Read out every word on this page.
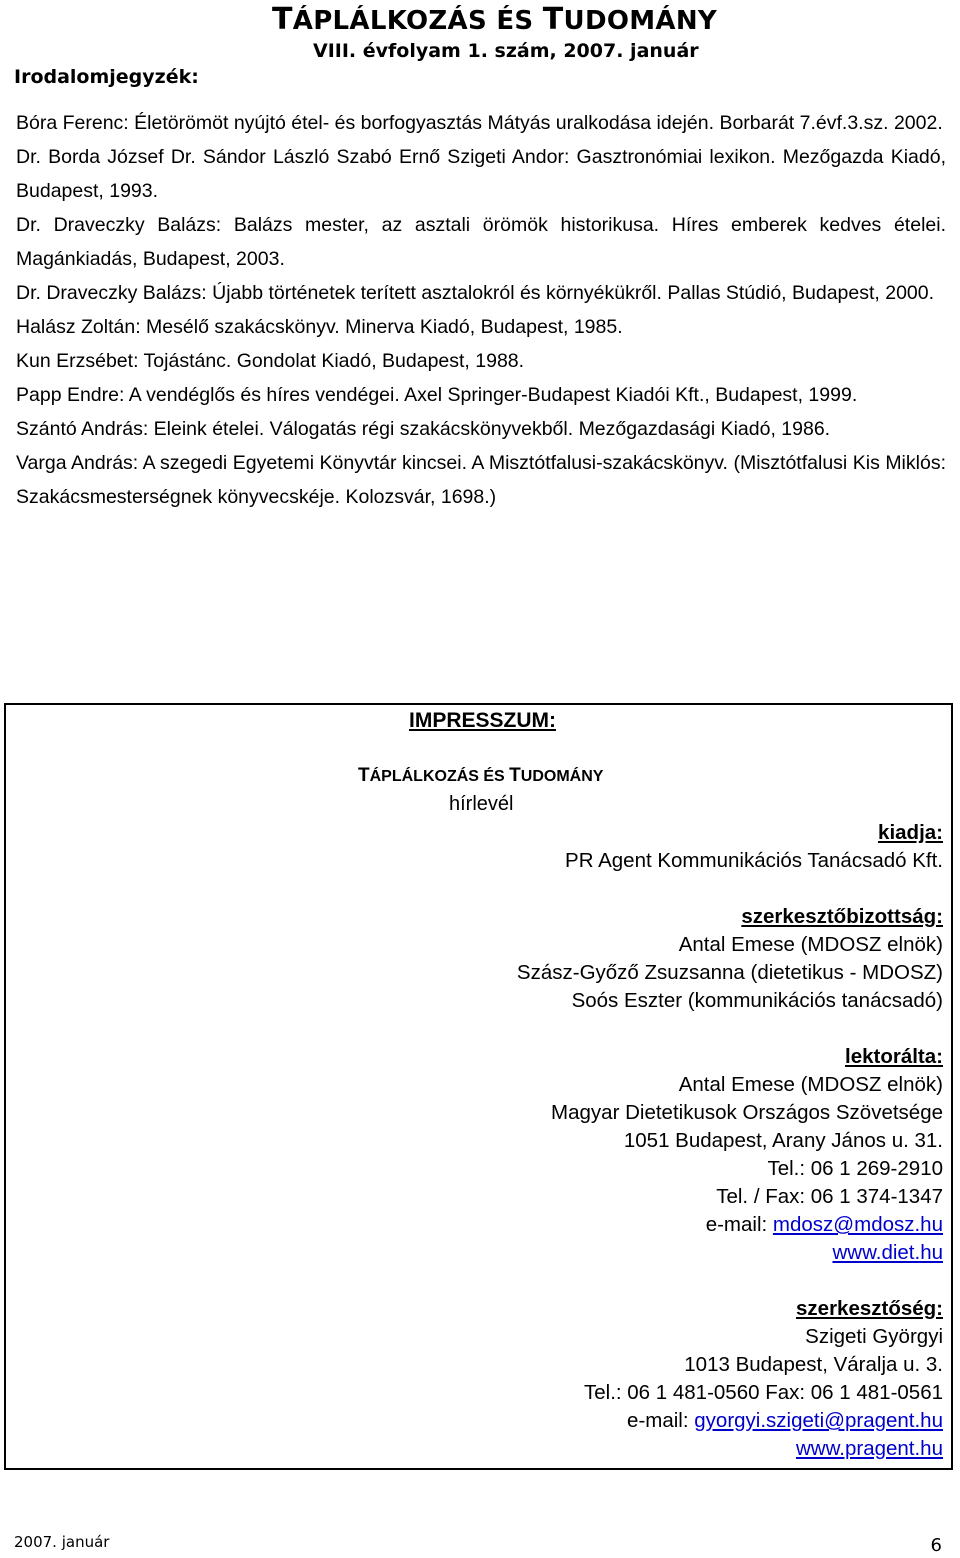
TÁPLÁLKOZÁS ÉS TUDOMÁNY

VIII. évfolyam 1. szám, 2007. január

Irodalomjegyzék:
Bóra Ferenc: Életörömöt nyújtó étel- és borfogyasztás Mátyás uralkodása idején. Borbarát 7.évf.3.sz. 2002.
Dr. Borda József Dr. Sándor László Szabó Ernő Szigeti Andor: Gasztronómiai lexikon. Mezőgazda Kiadó, Budapest, 1993.
Dr. Draveczky Balázs: Balázs mester, az asztali örömök historikusa. Híres emberek kedves ételei. Magánkiadás, Budapest, 2003.
Dr. Draveczky Balázs: Újabb történetek terített asztalokról és környékükről. Pallas Stúdió, Budapest, 2000.
Halász Zoltán: Mesélő szakácskönyv. Minerva Kiadó, Budapest, 1985.
Kun Erzsébet: Tojástánc. Gondolat Kiadó, Budapest, 1988.
Papp Endre: A vendéglős és híres vendégei. Axel Springer-Budapest Kiadói Kft., Budapest, 1999.
Szántó András: Eleink ételei. Válogatás régi szakácskönyvekből. Mezőgazdasági Kiadó, 1986.
Varga András: A szegedi Egyetemi Könyvtár kincsei. A Misztótfalusi-szakácskönyv. (Misztótfalusi Kis Miklós: Szakácsmesterségnek könyvecskéje. Kolozsvár, 1698.)
IMPRESSZUM:

TÁPLÁLKOZÁS ÉS TUDOMÁNY

hírlevél

kiadja:
PR Agent Kommunikációs Tanácsadó Kft.
szerkesztőbizottság:
Antal Emese (MDOSZ elnök)
Szász-Győző Zsuzsanna (dietetikus - MDOSZ)
Soós Eszter (kommunikációs tanácsadó)
lektorálta:
Antal Emese (MDOSZ elnök)
Magyar Dietetikusok Országos Szövetsége
1051 Budapest, Arany János u. 31.
Tel.: 06 1 269-2910
Tel. / Fax: 06 1 374-1347
e-mail: mdosz@mdosz.hu
www.diet.hu
szerkesztőség:
Szigeti Györgyi
1013 Budapest, Váralja u. 3.
Tel.: 06 1 481-0560 Fax: 06 1 481-0561
e-mail: gyorgyi.szigeti@pragent.hu
www.pragent.hu

2007. január	6
